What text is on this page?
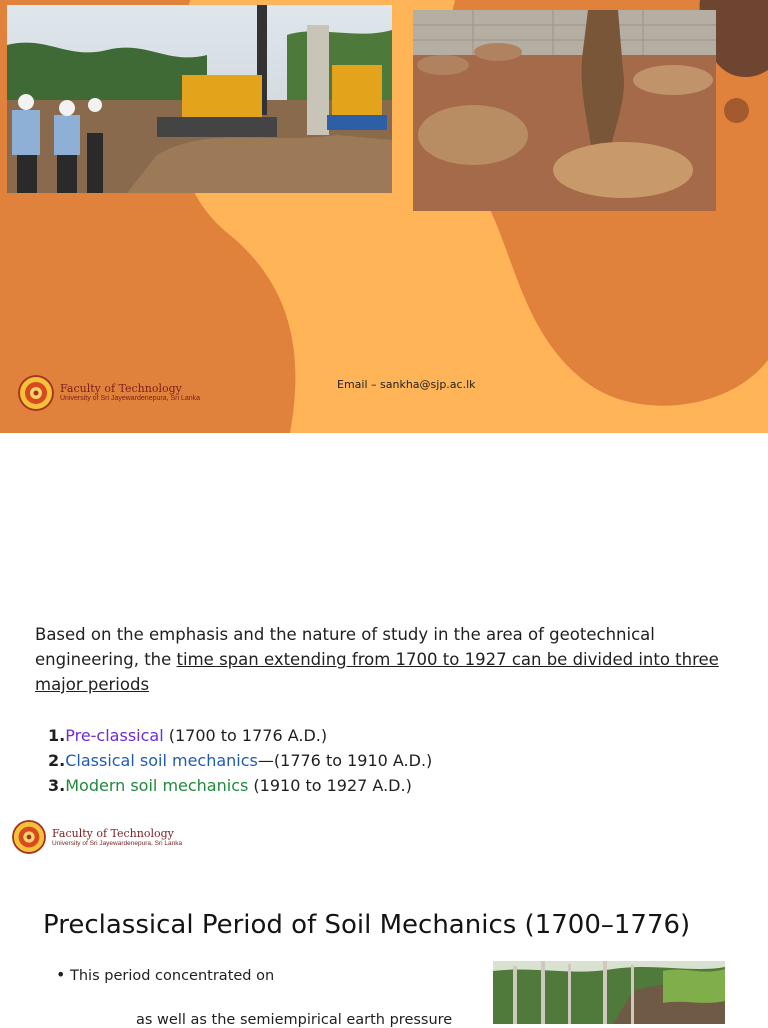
Faculty of Technology
University of Sri Jayewardenepura, Sri Lanka
Email – sankha@sjp.ac.lk
Based on the emphasis and the nature of study in the area of geotechnical engineering, the time span extending from 1700 to 1927 can be divided into three major periods
1.Pre-classical (1700 to 1776 A.D.)
2.Classical soil mechanics—(1776 to 1910 A.D.)
3.Modern soil mechanics (1910 to 1927 A.D.)
Faculty of Technology
University of Sri Jayewardenepura, Sri Lanka
Preclassical Period of Soil Mechanics (1700–1776)
• This period concentrated on
as well as the semiempirical earth pressure
